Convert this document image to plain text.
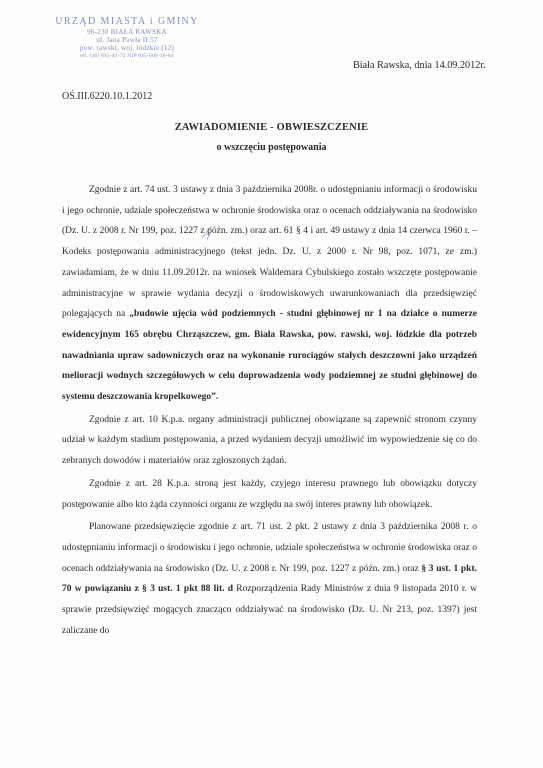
URZĄD MIASTA i GMINY
96-230 BIAŁA RAWSKA
ul. Jana Pawła II 57
pow. rawski, woj. łódzkie (12)
tel. (46) 815-41-72 NIP 835-000-36-84
Biała Rawska, dnia 14.09.2012r.
OŚ.III.6220.10.1.2012
ZAWIADOMIENIE - OBWIESZCZENIE
o wszczęciu postępowania

Zgodnie z art. 74 ust. 3 ustawy z dnia 3 października 2008r. o udostępnianiu informacji o środowisku i jego ochronie, udziale społeczeństwa w ochronie środowiska oraz o ocenach oddziaływania na środowisko (Dz. U. z 2008 r. Nr 199, poz. 1227 z późn. zm.) oraz art. 61 § 4 i art. 49 ustawy z dnia 14 czerwca 1960 r. – Kodeks postępowania administracyjnego (tekst jedn. Dz. U. z 2000 r. Nr 98, poz. 1071, ze zm.) zawiadamiam, że w dniu 11.09.2012r. na wniosek Waldemara Cybulskiego zostało wszczęte postępowanie administracyjne w sprawie wydania decyzji o środowiskowych uwarunkowaniach dla przedsięwzięć polegających na „budowie ujęcia wód podziemnych - studni głębinowej nr 1 na działce o numerze ewidencyjnym 165 obrębu Chrząszczew, gm. Biała Rawska, pow. rawski, woj. łódzkie dla potrzeb nawadniania upraw sadowniczych oraz na wykonanie rurociągów stałych deszczowni jako urządzeń melioracji wodnych szczegółowych w celu doprowadzenia wody podziemnej ze studni głębinowej do systemu deszczowania kropelkowego”.

Zgodnie z art. 10 K.p.a. organy administracji publicznej obowiązane są zapewnić stronom czynny udział w każdym stadium postępowania, a przed wydaniem decyzji umożliwić im wypowiedzenie się co do zebranych dowodów i materiałów oraz zgłoszonych żądań.

Zgodnie z art. 28 K.p.a. stroną jest każdy, czyjego interesu prawnego lub obowiązku dotyczy postępowanie albo kto żąda czynności organu ze względu na swój interes prawny lub obowiązek.

Planowane przedsięwzięcie zgodnie z art. 71 ust. 2 pkt. 2 ustawy z dnia 3 października 2008 r. o udostępnianiu informacji o środowisku i jego ochronie, udziale społeczeństwa w ochronie środowiska oraz o ocenach oddziaływania na środowisko (Dz. U. z 2008 r. Nr 199, poz. 1227 z późn. zm.) oraz § 3 ust. 1 pkt. 70 w powiązaniu z § 3 ust. 1 pkt 88 lit. d Rozporządzenia Rady Ministrów z dnia 9 listopada 2010 r. w sprawie przedsięwzięć mogących znacząco oddziaływać na środowisko (Dz. U. Nr 213, poz. 1397) jest zaliczane do
